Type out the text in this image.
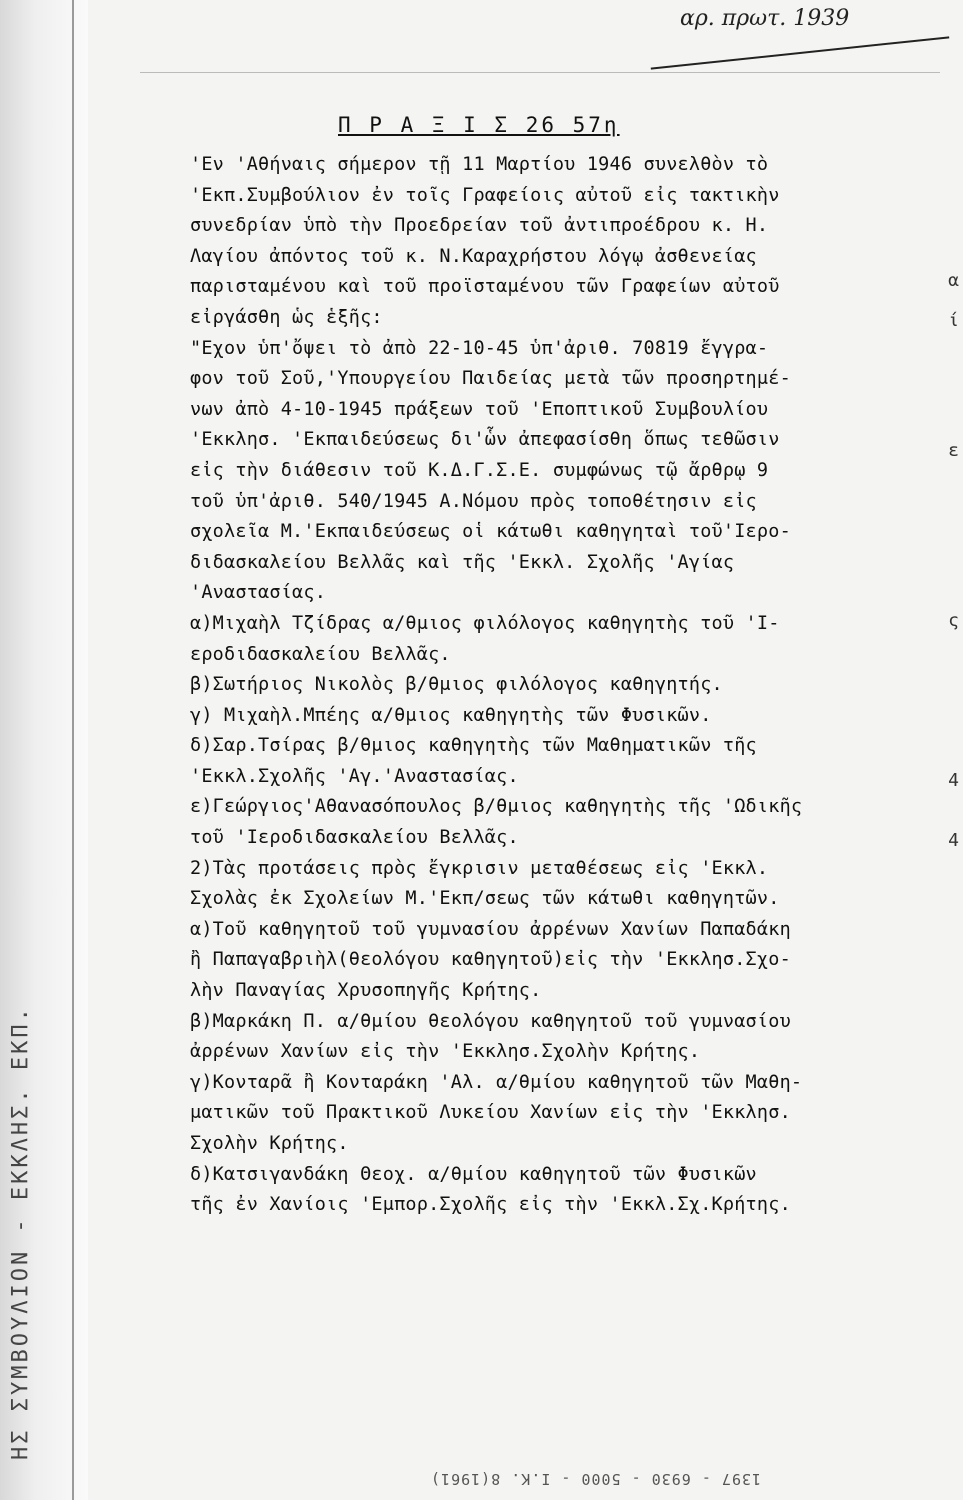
ΗΣ ΣΥΜΒΟΥΛΙΟΝ - ΕΚΚΛΗΣ. ΕΚΠ.
α
ί
ε
ς
4
4
αρ. πρωτ. 1939
Π Ρ Α Ξ Ι Σ 26 57η
'Εν 'Αθήναις σήμερον τῇ 11 Μαρτίου 1946 συνελθὸν τὸ
'Εκπ.Συμβούλιον ἐν τοῖς Γραφείοις αὐτοῦ εἰς τακτικὴν
συνεδρίαν ὑπὸ τὴν Προεδρείαν τοῦ ἀντιπροέδρου κ. Η.
Λαγίου ἀπόντος τοῦ κ. Ν.Καραχρήστου λόγῳ ἀσθενείας
παρισταμένου καὶ τοῦ προϊσταμένου τῶν Γραφείων αὐτοῦ
εἰργάσθη ὡς ἑξῆς:
"Εχον ὑπ'ὄψει τὸ ἀπὸ 22-10-45 ὑπ'ἀριθ. 70819 ἔγγρα-
φον τοῦ Σοῦ,'Υπουργείου Παιδείας μετὰ τῶν προσηρτημέ-
νων ἀπὸ 4-10-1945 πράξεων τοῦ 'Εποπτικοῦ Συμβουλίου
'Εκκλησ. 'Εκπαιδεύσεως δι'ὧν ἀπεφασίσθη ὅπως τεθῶσιν
εἰς τὴν διάθεσιν τοῦ Κ.Δ.Γ.Σ.Ε. συμφώνως τῷ ἄρθρῳ 9
τοῦ ὑπ'ἀριθ. 540/1945 Α.Νόμου πρὸς τοποθέτησιν εἰς
σχολεῖα Μ.'Εκπαιδεύσεως οἱ κάτωθι καθηγηταὶ τοῦ'Ιερο-
διδασκαλείου Βελλᾶς καὶ τῆς 'Εκκλ. Σχολῆς 'Αγίας
'Αναστασίας.
α)Μιχαὴλ Τζίδρας α/θμιος φιλόλογος καθηγητὴς τοῦ 'Ι-
εροδιδασκαλείου Βελλᾶς.
β)Σωτήριος Νικολὸς β/θμιος φιλόλογος καθηγητής.
γ) Μιχαὴλ.Μπέης α/θμιος καθηγητὴς τῶν Φυσικῶν.
δ)Σαρ.Τσίρας β/θμιος καθηγητὴς τῶν Μαθηματικῶν τῆς
'Εκκλ.Σχολῆς 'Αγ.'Αναστασίας.
ε)Γεώργιος'Αθανασόπουλος β/θμιος καθηγητὴς τῆς 'Ωδικῆς
τοῦ 'Ιεροδιδασκαλείου Βελλᾶς.
2)Τὰς προτάσεις πρὸς ἔγκρισιν μεταθέσεως εἰς 'Εκκλ.
Σχολὰς ἐκ Σχολείων Μ.'Εκπ/σεως τῶν κάτωθι καθηγητῶν.
α)Τοῦ καθηγητοῦ τοῦ γυμνασίου ἀρρένων Χανίων Παπαδάκη
ἢ Παπαγαβριὴλ(θεολόγου καθηγητοῦ)εἰς τὴν 'Εκκλησ.Σχο-
λὴν Παναγίας Χρυσοπηγῆς Κρήτης.
β)Μαρκάκη Π. α/θμίου θεολόγου καθηγητοῦ τοῦ γυμνασίου
ἀρρένων Χανίων εἰς τὴν 'Εκκλησ.Σχολὴν Κρήτης.
γ)Κονταρᾶ ἢ Κονταράκη 'Αλ. α/θμίου καθηγητοῦ τῶν Μαθη-
ματικῶν τοῦ Πρακτικοῦ Λυκείου Χανίων εἰς τὴν 'Εκκλησ.
Σχολὴν Κρήτης.
δ)Κατσιγανδάκη Θεοχ. α/θμίου καθηγητοῦ τῶν Φυσικῶν
τῆς ἐν Χανίοις 'Εμπορ.Σχολῆς εἰς τὴν 'Εκκλ.Σχ.Κρήτης.
1397 - 6930 - 5000 - Ι.Κ. 8(1961)
